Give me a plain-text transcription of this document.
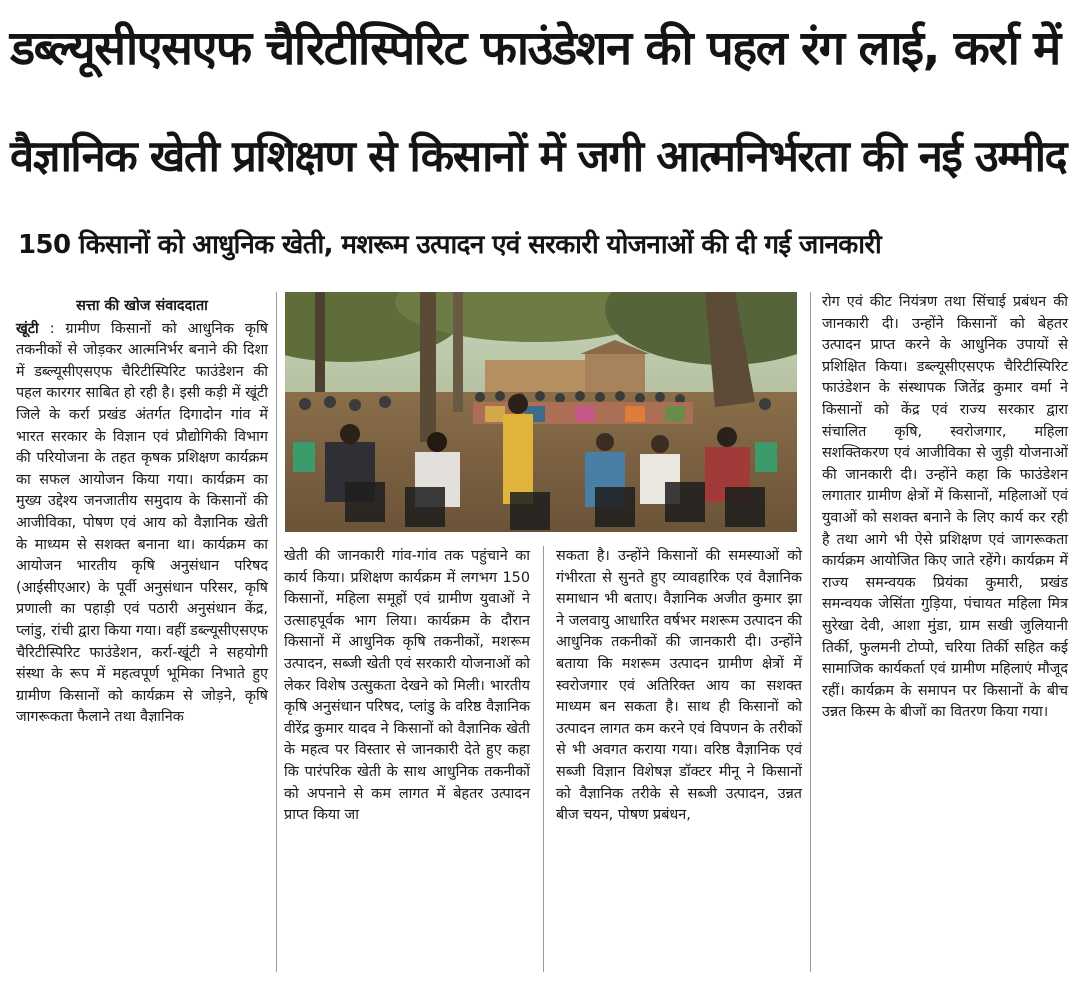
डब्ल्यूसीएसएफ चैरिटीस्पिरिट फाउंडेशन की पहल रंग लाई, कर्रा में
वैज्ञानिक खेती प्रशिक्षण से किसानों में जगी आत्मनिर्भरता की नई उम्मीद
150 किसानों को आधुनिक खेती, मशरूम उत्पादन एवं सरकारी योजनाओं की दी गई जानकारी
सत्ता की खोज संवाददाता
खूंटी : ग्रामीण किसानों को आधुनिक कृषि तकनीकों से जोड़कर आत्मनिर्भर बनाने की दिशा में डब्ल्यूसीएसएफ चैरिटीस्पिरिट फाउंडेशन की पहल कारगर साबित हो रही है। इसी कड़ी में खूंटी जिले के कर्रा प्रखंड अंतर्गत दिगादोन गांव में भारत सरकार के विज्ञान एवं प्रौद्योगिकी विभाग की परियोजना के तहत कृषक प्रशिक्षण कार्यक्रम का सफल आयोजन किया गया। कार्यक्रम का मुख्य उद्देश्य जनजातीय समुदाय के किसानों की आजीविका, पोषण एवं आय को वैज्ञानिक खेती के माध्यम से सशक्त बनाना था। कार्यक्रम का आयोजन भारतीय कृषि अनुसंधान परिषद (आईसीएआर) के पूर्वी अनुसंधान परिसर, कृषि प्रणाली का पहाड़ी एवं पठारी अनुसंधान केंद्र, प्लांडु, रांची द्वारा किया गया। वहीं डब्ल्यूसीएसएफ चैरिटीस्पिरिट फाउंडेशन, कर्रा-खूंटी ने सहयोगी संस्था के रूप में महत्वपूर्ण भूमिका निभाते हुए ग्रामीण किसानों को कार्यक्रम से जोड़ने, कृषि जागरूकता फैलाने तथा वैज्ञानिक
खेती की जानकारी गांव-गांव तक पहुंचाने का कार्य किया। प्रशिक्षण कार्यक्रम में लगभग 150 किसानों, महिला समूहों एवं ग्रामीण युवाओं ने उत्साहपूर्वक भाग लिया। कार्यक्रम के दौरान किसानों में आधुनिक कृषि तकनीकों, मशरूम उत्पादन, सब्जी खेती एवं सरकारी योजनाओं को लेकर विशेष उत्सुकता देखने को मिली। भारतीय कृषि अनुसंधान परिषद, प्लांडु के वरिष्ठ वैज्ञानिक वीरेंद्र कुमार यादव ने किसानों को वैज्ञानिक खेती के महत्व पर विस्तार से जानकारी देते हुए कहा कि पारंपरिक खेती के साथ आधुनिक तकनीकों को अपनाने से कम लागत में बेहतर उत्पादन प्राप्त किया जा
सकता है। उन्होंने किसानों की समस्याओं को गंभीरता से सुनते हुए व्यावहारिक एवं वैज्ञानिक समाधान भी बताए। वैज्ञानिक अजीत कुमार झा ने जलवायु आधारित वर्षभर मशरूम उत्पादन की आधुनिक तकनीकों की जानकारी दी। उन्होंने बताया कि मशरूम उत्पादन ग्रामीण क्षेत्रों में स्वरोजगार एवं अतिरिक्त आय का सशक्त माध्यम बन सकता है। साथ ही किसानों को उत्पादन लागत कम करने एवं विपणन के तरीकों से भी अवगत कराया गया। वरिष्ठ वैज्ञानिक एवं सब्जी विज्ञान विशेषज्ञ डॉक्टर मीनू ने किसानों को वैज्ञानिक तरीके से सब्जी उत्पादन, उन्नत बीज चयन, पोषण प्रबंधन,
रोग एवं कीट नियंत्रण तथा सिंचाई प्रबंधन की जानकारी दी। उन्होंने किसानों को बेहतर उत्पादन प्राप्त करने के आधुनिक उपायों से प्रशिक्षित किया। डब्ल्यूसीएसएफ चैरिटीस्पिरिट फाउंडेशन के संस्थापक जितेंद्र कुमार वर्मा ने किसानों को केंद्र एवं राज्य सरकार द्वारा संचालित कृषि, स्वरोजगार, महिला सशक्तिकरण एवं आजीविका से जुड़ी योजनाओं की जानकारी दी। उन्होंने कहा कि फाउंडेशन लगातार ग्रामीण क्षेत्रों में किसानों, महिलाओं एवं युवाओं को सशक्त बनाने के लिए कार्य कर रही है तथा आगे भी ऐसे प्रशिक्षण एवं जागरूकता कार्यक्रम आयोजित किए जाते रहेंगे। कार्यक्रम में राज्य समन्वयक प्रियंका कुमारी, प्रखंड समन्वयक जेसिंता गुड़िया, पंचायत महिला मित्र सुरेखा देवी, आशा मुंडा, ग्राम सखी जुलियानी तिर्की, फुलमनी टोप्पो, चरिया तिर्की सहित कई सामाजिक कार्यकर्ता एवं ग्रामीण महिलाएं मौजूद रहीं। कार्यक्रम के समापन पर किसानों के बीच उन्नत किस्म के बीजों का वितरण किया गया।
